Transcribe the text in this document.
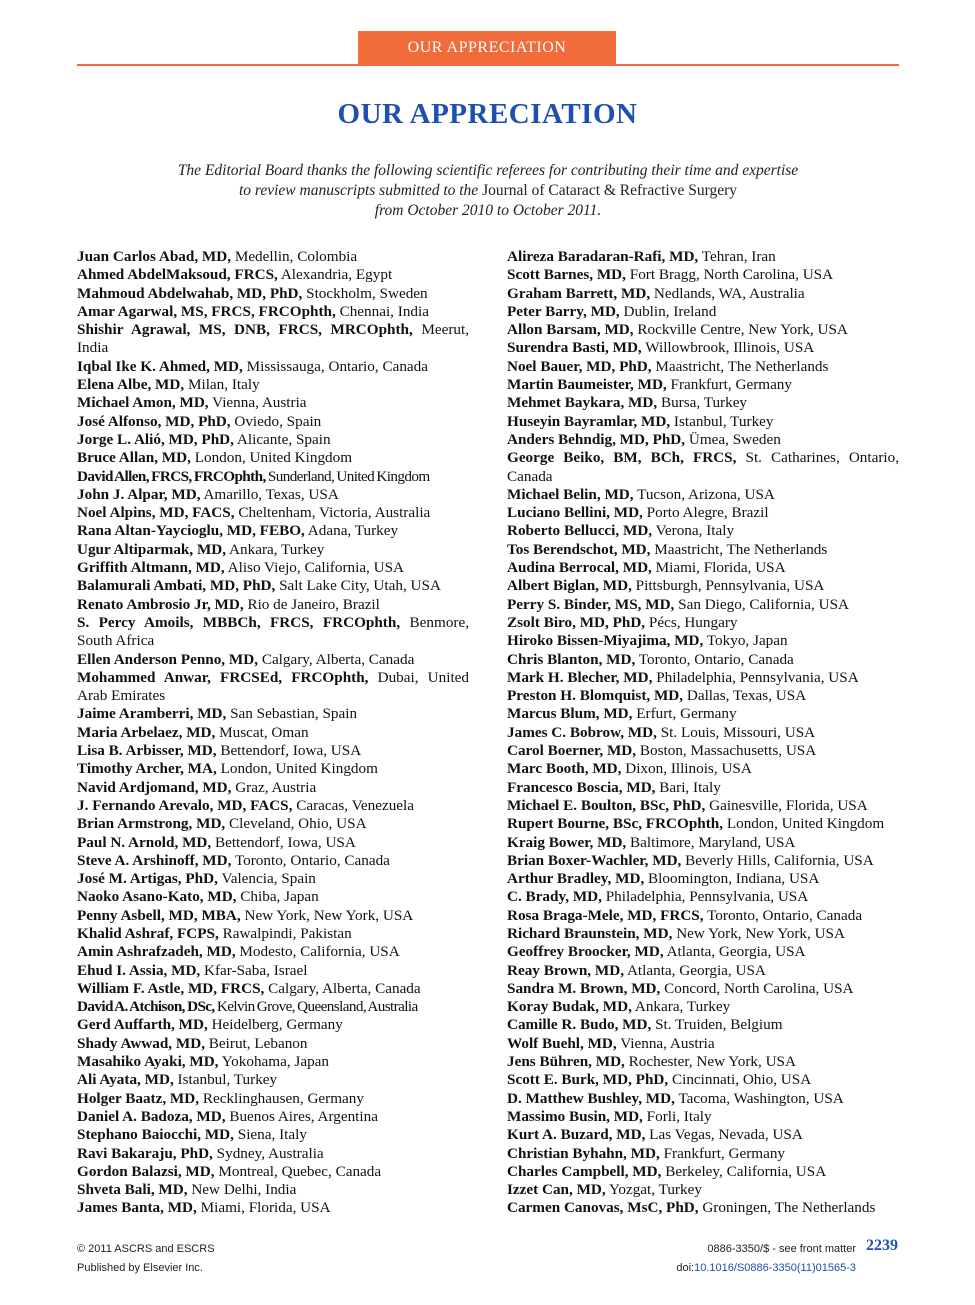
OUR APPRECIATION
OUR APPRECIATION
The Editorial Board thanks the following scientific referees for contributing their time and expertise
to review manuscripts submitted to the Journal of Cataract & Refractive Surgery
from October 2010 to October 2011.
Juan Carlos Abad, MD, Medellin, Colombia
Ahmed AbdelMaksoud, FRCS, Alexandria, Egypt
Mahmoud Abdelwahab, MD, PhD, Stockholm, Sweden
Amar Agarwal, MS, FRCS, FRCOphth, Chennai, India
Shishir Agrawal, MS, DNB, FRCS, MRCOphth, Meerut, India
Iqbal Ike K. Ahmed, MD, Mississauga, Ontario, Canada
Elena Albe, MD, Milan, Italy
Michael Amon, MD, Vienna, Austria
José Alfonso, MD, PhD, Oviedo, Spain
Jorge L. Alió, MD, PhD, Alicante, Spain
Bruce Allan, MD, London, United Kingdom
David Allen, FRCS, FRCOphth, Sunderland, United Kingdom
John J. Alpar, MD, Amarillo, Texas, USA
Noel Alpins, MD, FACS, Cheltenham, Victoria, Australia
Rana Altan-Yaycioglu, MD, FEBO, Adana, Turkey
Ugur Altiparmak, MD, Ankara, Turkey
Griffith Altmann, MD, Aliso Viejo, California, USA
Balamurali Ambati, MD, PhD, Salt Lake City, Utah, USA
Renato Ambrosio Jr, MD, Rio de Janeiro, Brazil
S. Percy Amoils, MBBCh, FRCS, FRCOphth, Benmore, South Africa
Ellen Anderson Penno, MD, Calgary, Alberta, Canada
Mohammed Anwar, FRCSEd, FRCOphth, Dubai, United Arab Emirates
Jaime Aramberri, MD, San Sebastian, Spain
Maria Arbelaez, MD, Muscat, Oman
Lisa B. Arbisser, MD, Bettendorf, Iowa, USA
Timothy Archer, MA, London, United Kingdom
Navid Ardjomand, MD, Graz, Austria
J. Fernando Arevalo, MD, FACS, Caracas, Venezuela
Brian Armstrong, MD, Cleveland, Ohio, USA
Paul N. Arnold, MD, Bettendorf, Iowa, USA
Steve A. Arshinoff, MD, Toronto, Ontario, Canada
José M. Artigas, PhD, Valencia, Spain
Naoko Asano-Kato, MD, Chiba, Japan
Penny Asbell, MD, MBA, New York, New York, USA
Khalid Ashraf, FCPS, Rawalpindi, Pakistan
Amin Ashrafzadeh, MD, Modesto, California, USA
Ehud I. Assia, MD, Kfar-Saba, Israel
William F. Astle, MD, FRCS, Calgary, Alberta, Canada
David A. Atchison, DSc, Kelvin Grove, Queensland, Australia
Gerd Auffarth, MD, Heidelberg, Germany
Shady Awwad, MD, Beirut, Lebanon
Masahiko Ayaki, MD, Yokohama, Japan
Ali Ayata, MD, Istanbul, Turkey
Holger Baatz, MD, Recklinghausen, Germany
Daniel A. Badoza, MD, Buenos Aires, Argentina
Stephano Baiocchi, MD, Siena, Italy
Ravi Bakaraju, PhD, Sydney, Australia
Gordon Balazsi, MD, Montreal, Quebec, Canada
Shveta Bali, MD, New Delhi, India
James Banta, MD, Miami, Florida, USA
Alireza Baradaran-Rafi, MD, Tehran, Iran
Scott Barnes, MD, Fort Bragg, North Carolina, USA
Graham Barrett, MD, Nedlands, WA, Australia
Peter Barry, MD, Dublin, Ireland
Allon Barsam, MD, Rockville Centre, New York, USA
Surendra Basti, MD, Willowbrook, Illinois, USA
Noel Bauer, MD, PhD, Maastricht, The Netherlands
Martin Baumeister, MD, Frankfurt, Germany
Mehmet Baykara, MD, Bursa, Turkey
Huseyin Bayramlar, MD, Istanbul, Turkey
Anders Behndig, MD, PhD, Ümea, Sweden
George Beiko, BM, BCh, FRCS, St. Catharines, Ontario, Canada
Michael Belin, MD, Tucson, Arizona, USA
Luciano Bellini, MD, Porto Alegre, Brazil
Roberto Bellucci, MD, Verona, Italy
Tos Berendschot, MD, Maastricht, The Netherlands
Audina Berrocal, MD, Miami, Florida, USA
Albert Biglan, MD, Pittsburgh, Pennsylvania, USA
Perry S. Binder, MS, MD, San Diego, California, USA
Zsolt Biro, MD, PhD, Pécs, Hungary
Hiroko Bissen-Miyajima, MD, Tokyo, Japan
Chris Blanton, MD, Toronto, Ontario, Canada
Mark H. Blecher, MD, Philadelphia, Pennsylvania, USA
Preston H. Blomquist, MD, Dallas, Texas, USA
Marcus Blum, MD, Erfurt, Germany
James C. Bobrow, MD, St. Louis, Missouri, USA
Carol Boerner, MD, Boston, Massachusetts, USA
Marc Booth, MD, Dixon, Illinois, USA
Francesco Boscia, MD, Bari, Italy
Michael E. Boulton, BSc, PhD, Gainesville, Florida, USA
Rupert Bourne, BSc, FRCOphth, London, United Kingdom
Kraig Bower, MD, Baltimore, Maryland, USA
Brian Boxer-Wachler, MD, Beverly Hills, California, USA
Arthur Bradley, MD, Bloomington, Indiana, USA
C. Brady, MD, Philadelphia, Pennsylvania, USA
Rosa Braga-Mele, MD, FRCS, Toronto, Ontario, Canada
Richard Braunstein, MD, New York, New York, USA
Geoffrey Broocker, MD, Atlanta, Georgia, USA
Reay Brown, MD, Atlanta, Georgia, USA
Sandra M. Brown, MD, Concord, North Carolina, USA
Koray Budak, MD, Ankara, Turkey
Camille R. Budo, MD, St. Truiden, Belgium
Wolf Buehl, MD, Vienna, Austria
Jens Bühren, MD, Rochester, New York, USA
Scott E. Burk, MD, PhD, Cincinnati, Ohio, USA
D. Matthew Bushley, MD, Tacoma, Washington, USA
Massimo Busin, MD, Forli, Italy
Kurt A. Buzard, MD, Las Vegas, Nevada, USA
Christian Byhahn, MD, Frankfurt, Germany
Charles Campbell, MD, Berkeley, California, USA
Izzet Can, MD, Yozgat, Turkey
Carmen Canovas, MsC, PhD, Groningen, The Netherlands
© 2011 ASCRS and ESCRS
Published by Elsevier Inc.
0886-3350/$ - see front matter 2239
doi:10.1016/S0886-3350(11)01565-3
